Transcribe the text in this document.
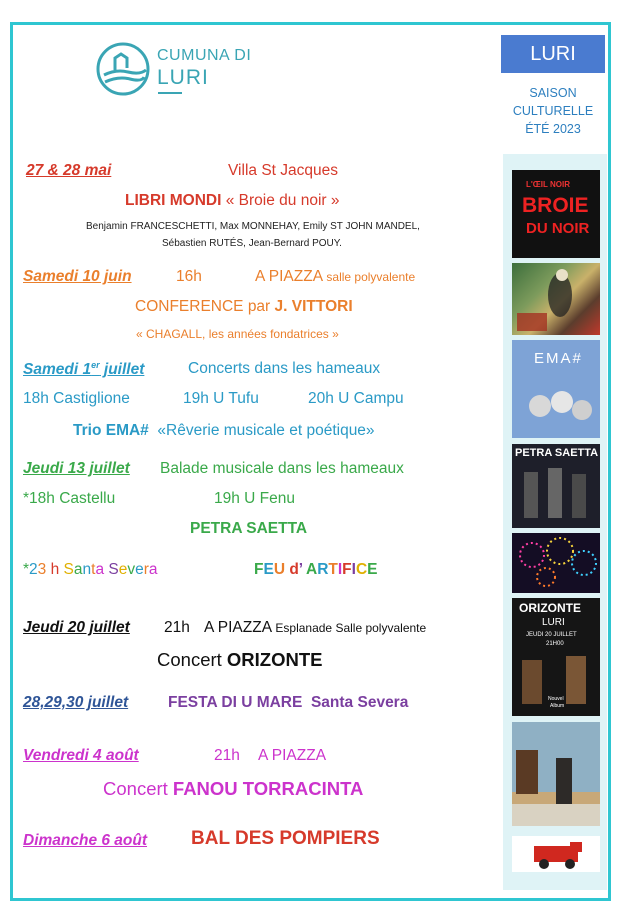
CUMUNA DI
LURI
LURI
SAISON
CULTURELLE
ÉTÉ 2023
L'ŒIL NOIR
BROIE
DU NOIR
EMA#
PETRA SAETTA
ORIZONTE
LURI
JEUDI 20 JUILLET
21H00
Nouvel
Album
27 & 28 mai	Villa St Jacques
LIBRI MONDI « Broie du noir »
Benjamin FRANCESCHETTI, Max MONNEHAY, Emily ST JOHN MANDEL,
Sébastien RUTÉS, Jean-Bernard POUY.
Samedi 10 juin	16h	A PIAZZA salle polyvalente
CONFERENCE par J. VITTORI
« CHAGALL, les années fondatrices »
Samedi 1er juillet	Concerts dans les hameaux
18h Castiglione	19h U Tufu	20h U Campu
Trio EMA# «Rêverie musicale et poétique»
Jeudi 13 juillet Balade musicale dans les hameaux
*18h Castellu	19h U Fenu
PETRA SAETTA
*23 h Santa Severa	FEU d’ ARTIFICE
Jeudi 20 juillet 21h A PIAZZA Esplanade Salle polyvalente
Concert ORIZONTE
28,29,30 juillet	FESTA DI U MARE Santa Severa
Vendredi 4 août	21h A PIAZZA
Concert FANOU TORRACINTA
Dimanche 6 août BAL DES POMPIERS
